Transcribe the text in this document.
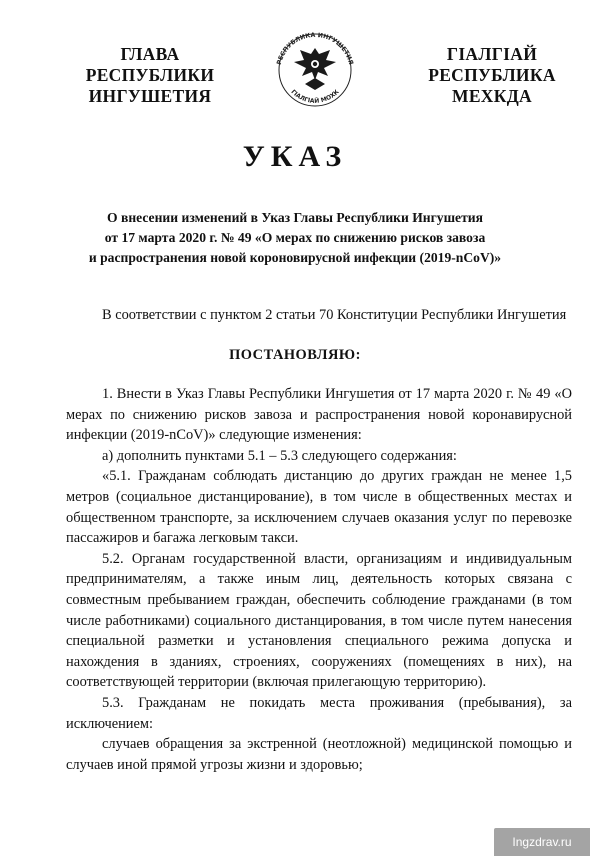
ГЛАВА
РЕСПУБЛИКИ
ИНГУШЕТИЯ
РЕСПУБЛИКА ИНГУШЕТИЯ
ГIАЛГIАЙ МОХК
ГIАЛГIАЙ
РЕСПУБЛИКА
МЕХКДА
УКАЗ
О внесении изменений в Указ Главы Республики Ингушетия
от 17 марта 2020 г. № 49 «О мерах по снижению рисков завоза
и распространения новой короновирусной инфекции (2019-nCoV)»

В соответствии с пунктом 2 статьи 70 Конституции Республики Ингушетия

ПОСТАНОВЛЯЮ:

1. Внести в Указ Главы Республики Ингушетия от 17 марта 2020 г. № 49 «О мерах по снижению рисков завоза и распространения новой коронавирусной инфекции (2019-nCoV)» следующие изменения:

а) дополнить пунктами 5.1 – 5.3 следующего содержания:

«5.1. Гражданам соблюдать дистанцию до других граждан не менее 1,5 метров (социальное дистанцирование), в том числе в общественных местах и общественном транспорте, за исключением случаев оказания услуг по перевозке пассажиров и багажа легковым такси.

5.2. Органам государственной власти, организациям и индивидуальным предпринимателям, а также иным лиц, деятельность которых связана с совместным пребыванием граждан, обеспечить соблюдение гражданами (в том числе работниками) социального дистанцирования, в том числе путем нанесения специальной разметки и установления специального режима допуска и нахождения в зданиях, строениях, сооружениях (помещениях в них), на соответствующей территории (включая прилегающую территорию).

5.3. Гражданам не покидать места проживания (пребывания), за исключением:

случаев обращения за экстренной (неотложной) медицинской помощью и случаев иной прямой угрозы жизни и здоровью;

Ingzdrav.ru
